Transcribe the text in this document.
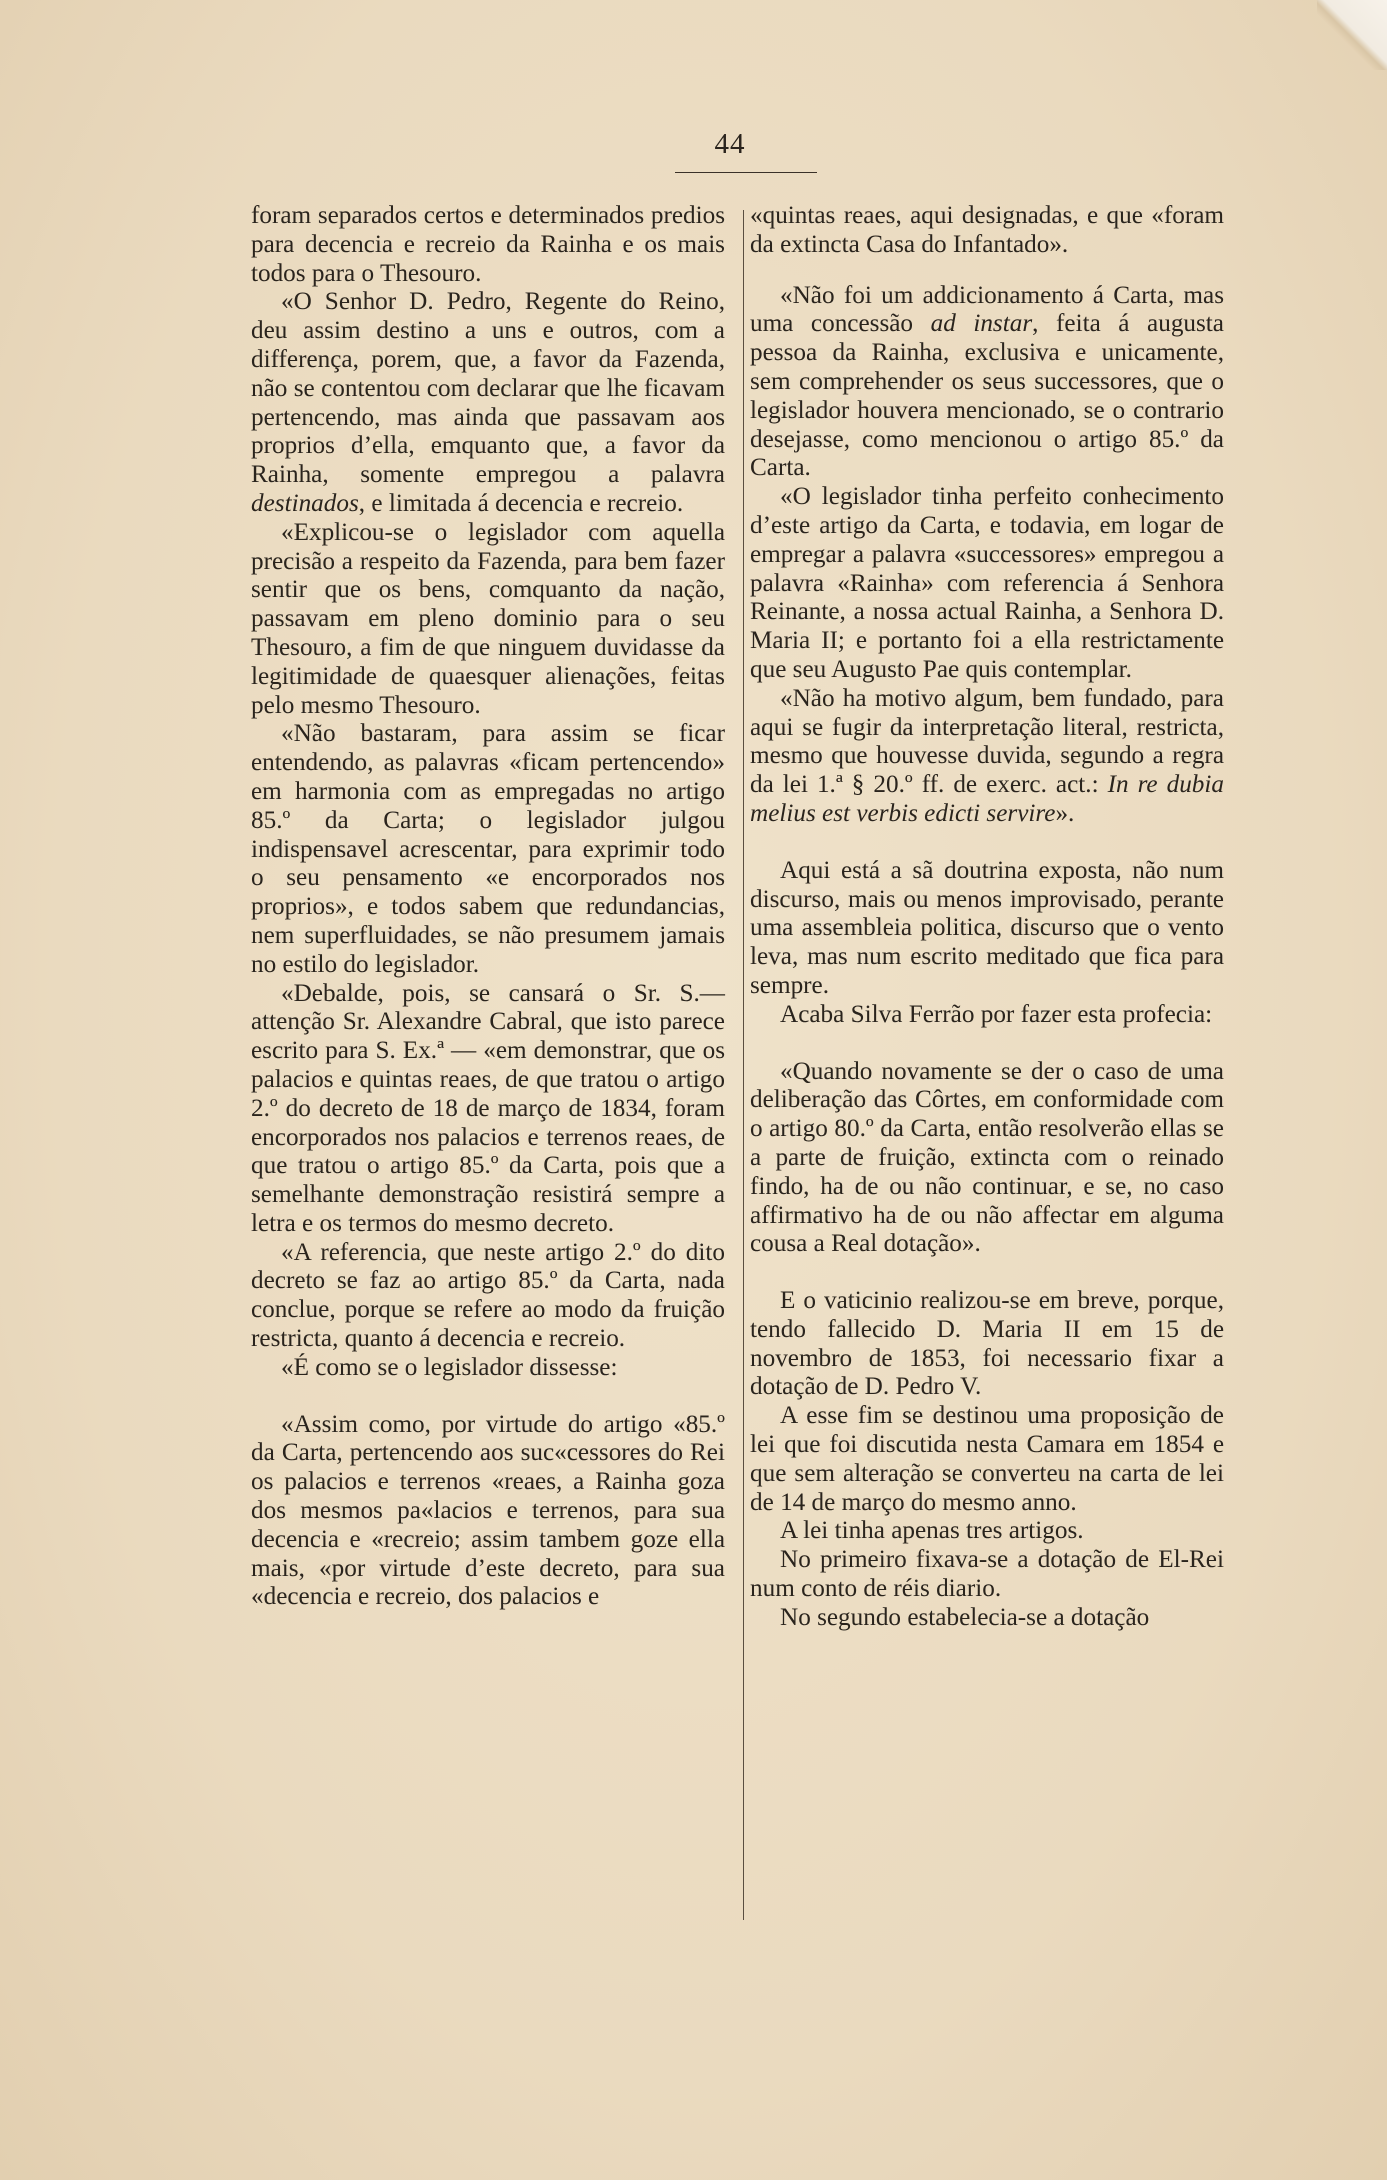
44

foram separados certos e determinados predios para decencia e recreio da Rainha e os mais todos para o Thesouro.

«O Senhor D. Pedro, Regente do Reino, deu assim destino a uns e outros, com a differença, porem, que, a favor da Fazenda, não se contentou com declarar que lhe ficavam pertencendo, mas ainda que passavam aos proprios d’ella, emquanto que, a favor da Rainha, somente empregou a palavra destinados, e limitada á decencia e recreio.

«Explicou-se o legislador com aquella precisão a respeito da Fazenda, para bem fazer sentir que os bens, comquanto da nação, passavam em pleno dominio para o seu Thesouro, a fim de que ninguem duvidasse da legitimidade de quaesquer alienações, feitas pelo mesmo Thesouro.

«Não bastaram, para assim se ficar entendendo, as palavras «ficam pertencendo» em harmonia com as empregadas no artigo 85.º da Carta; o legislador julgou indispensavel acrescentar, para exprimir todo o seu pensamento «e encorporados nos proprios», e todos sabem que redundancias, nem superfluidades, se não presumem jamais no estilo do legislador.

«Debalde, pois, se cansará o Sr. S.— attenção Sr. Alexandre Cabral, que isto parece escrito para S. Ex.ª — «em demonstrar, que os palacios e quintas reaes, de que tratou o artigo 2.º do decreto de 18 de março de 1834, foram encorporados nos palacios e terrenos reaes, de que tratou o artigo 85.º da Carta, pois que a semelhante demonstração resistirá sempre a letra e os termos do mesmo decreto.

«A referencia, que neste artigo 2.º do dito decreto se faz ao artigo 85.º da Carta, nada conclue, porque se refere ao modo da fruição restricta, quanto á decencia e recreio.

«É como se o legislador dissesse:

«Assim como, por virtude do artigo «85.º da Carta, pertencendo aos suc«cessores do Rei os palacios e terrenos «reaes, a Rainha goza dos mesmos pa«lacios e terrenos, para sua decencia e «recreio; assim tambem goze ella mais, «por virtude d’este decreto, para sua «decencia e recreio, dos palacios e

«quintas reaes, aqui designadas, e que «foram da extincta Casa do Infantado».

«Não foi um addicionamento á Carta, mas uma concessão ad instar, feita á augusta pessoa da Rainha, exclusiva e unicamente, sem comprehender os seus successores, que o legislador houvera mencionado, se o contrario desejasse, como mencionou o artigo 85.º da Carta.

«O legislador tinha perfeito conhecimento d’este artigo da Carta, e todavia, em logar de empregar a palavra «successores» empregou a palavra «Rainha» com referencia á Senhora Reinante, a nossa actual Rainha, a Senhora D. Maria II; e portanto foi a ella restrictamente que seu Augusto Pae quis contemplar.

«Não ha motivo algum, bem fundado, para aqui se fugir da interpretação literal, restricta, mesmo que houvesse duvida, segundo a regra da lei 1.ª § 20.º ff. de exerc. act.: In re dubia melius est verbis edicti servire».

Aqui está a sã doutrina exposta, não num discurso, mais ou menos improvisado, perante uma assembleia politica, discurso que o vento leva, mas num escrito meditado que fica para sempre.

Acaba Silva Ferrão por fazer esta profecia:

«Quando novamente se der o caso de uma deliberação das Côrtes, em conformidade com o artigo 80.º da Carta, então resolverão ellas se a parte de fruição, extincta com o reinado findo, ha de ou não continuar, e se, no caso affirmativo ha de ou não affectar em alguma cousa a Real dotação».

E o vaticinio realizou-se em breve, porque, tendo fallecido D. Maria II em 15 de novembro de 1853, foi necessario fixar a dotação de D. Pedro V.

A esse fim se destinou uma proposição de lei que foi discutida nesta Camara em 1854 e que sem alteração se converteu na carta de lei de 14 de março do mesmo anno.

A lei tinha apenas tres artigos.

No primeiro fixava-se a dotação de El-Rei num conto de réis diario.

No segundo estabelecia-se a dotação
